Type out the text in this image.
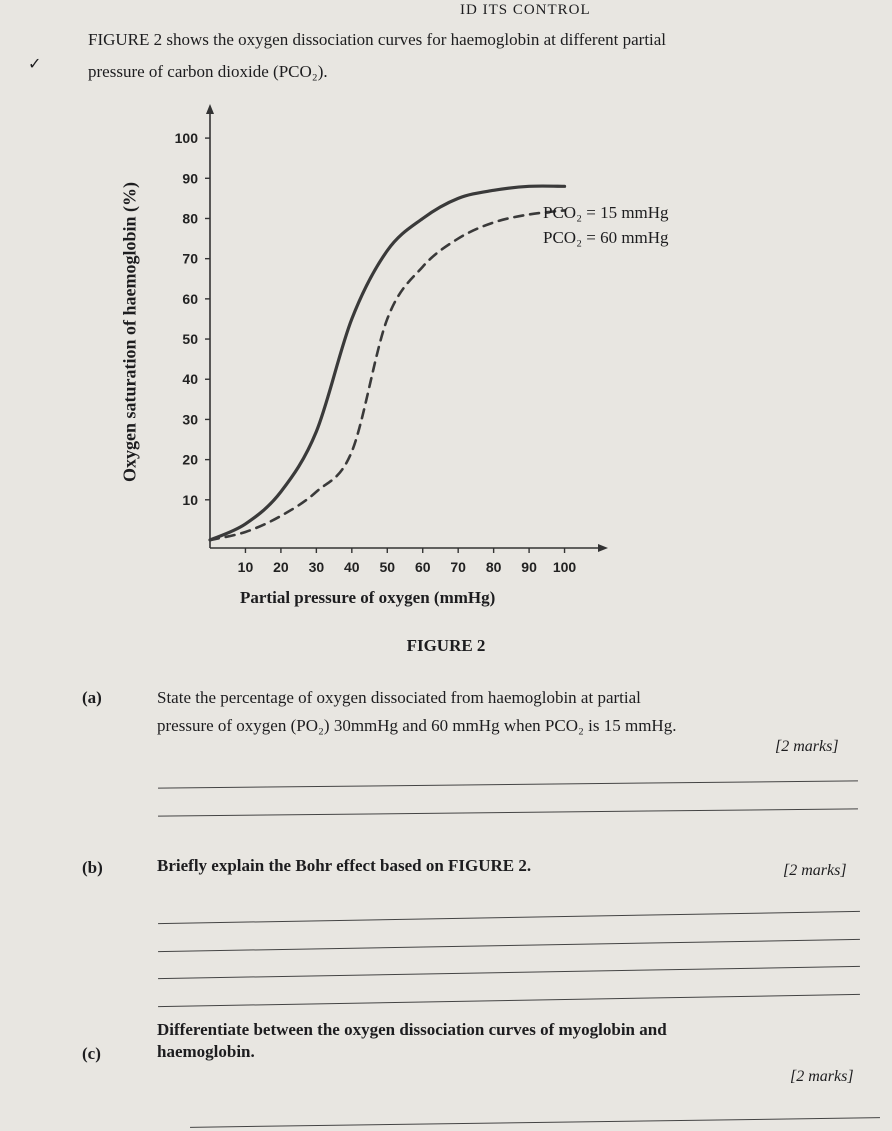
ID ITS CONTROL
✓
FIGURE 2 shows the oxygen dissociation curves for haemoglobin at different partial
pressure of carbon dioxide (PCO₂).
10
20
30
40
50
60
70
80
90
100
10 20 30 40 50 60 70 80 90 100
Oxygen saturation of haemoglobin (%)
Partial pressure of oxygen (mmHg)
PCO₂ = 15 mmHg
PCO₂ = 60 mmHg
FIGURE 2
(a)	State the percentage of oxygen dissociated from haemoglobin at partial
pressure of oxygen (PO₂) 30mmHg and 60 mmHg when PCO₂ is 15 mmHg.
[2 marks]
(b)	Briefly explain the Bohr effect based on FIGURE 2.	[2 marks]
(c)
Differentiate between the oxygen dissociation curves of myoglobin and
haemoglobin.
[2 marks]
